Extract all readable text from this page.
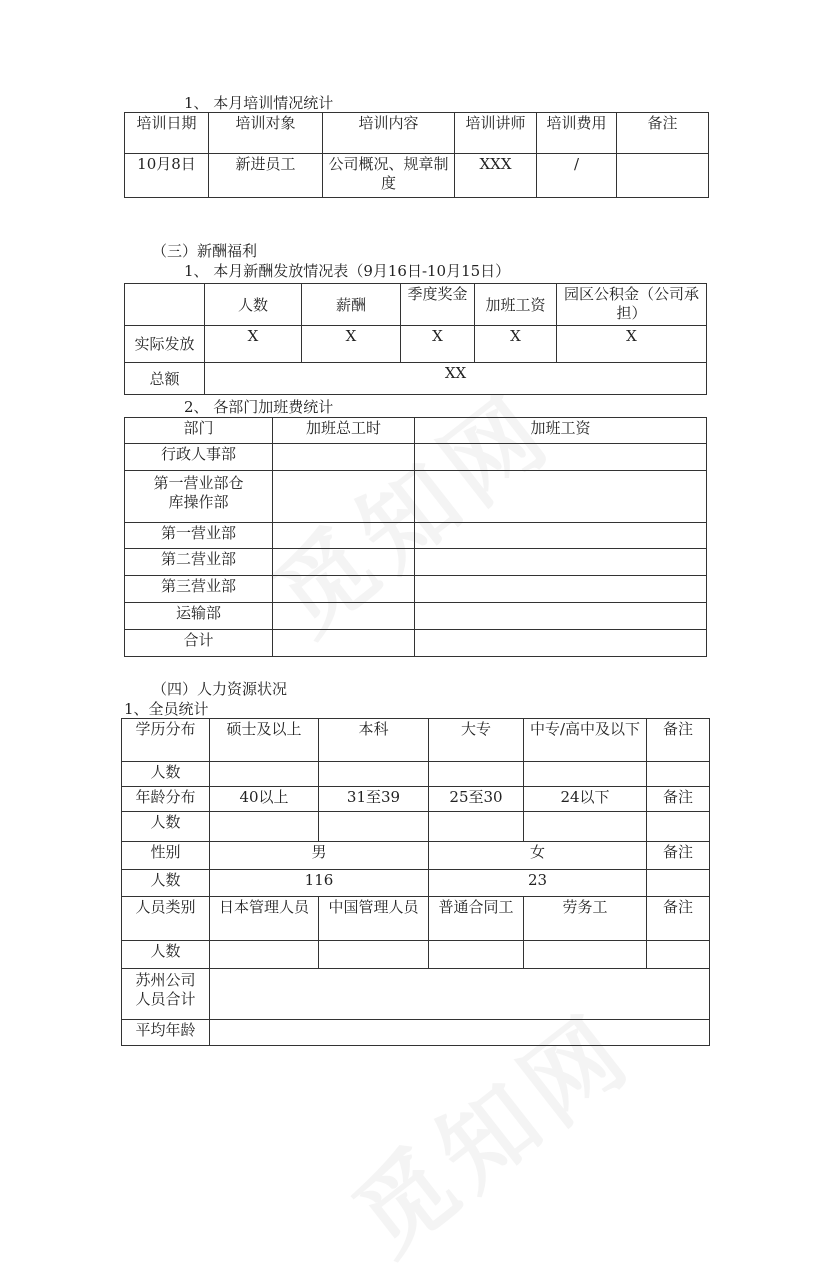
1、 本月培训情况统计
培训日期	培训对象	培训内容	培训讲师	培训费用	备注
10月8日	新进员工	公司概况、规章制度	XXX	/	
（三）新酬福利
1、 本月新酬发放情况表（9月16日-10月15日）
	人数	薪酬	季度奖金	加班工资	园区公积金（公司承担）
实际发放	X	X	X	X	X
总额	XX				
2、 各部门加班费统计
部门	加班总工时	加班工资
行政人事部		
第一营业部仓库操作部		
第一营业部		
第二营业部		
第三营业部		
运输部		
合计		
（四）人力资源状况
1、全员统计
学历分布	硕士及以上	本科	大专	中专/高中及以下	备注
人数					
年龄分布	40以上	31至39	25至30	24以下	备注
人数					
性别	男		女		备注
人数	116		23		
人员类别	日本管理人员	中国管理人员	普通合同工	劳务工	备注
人数					
苏州公司人员合计					
平均年龄					
